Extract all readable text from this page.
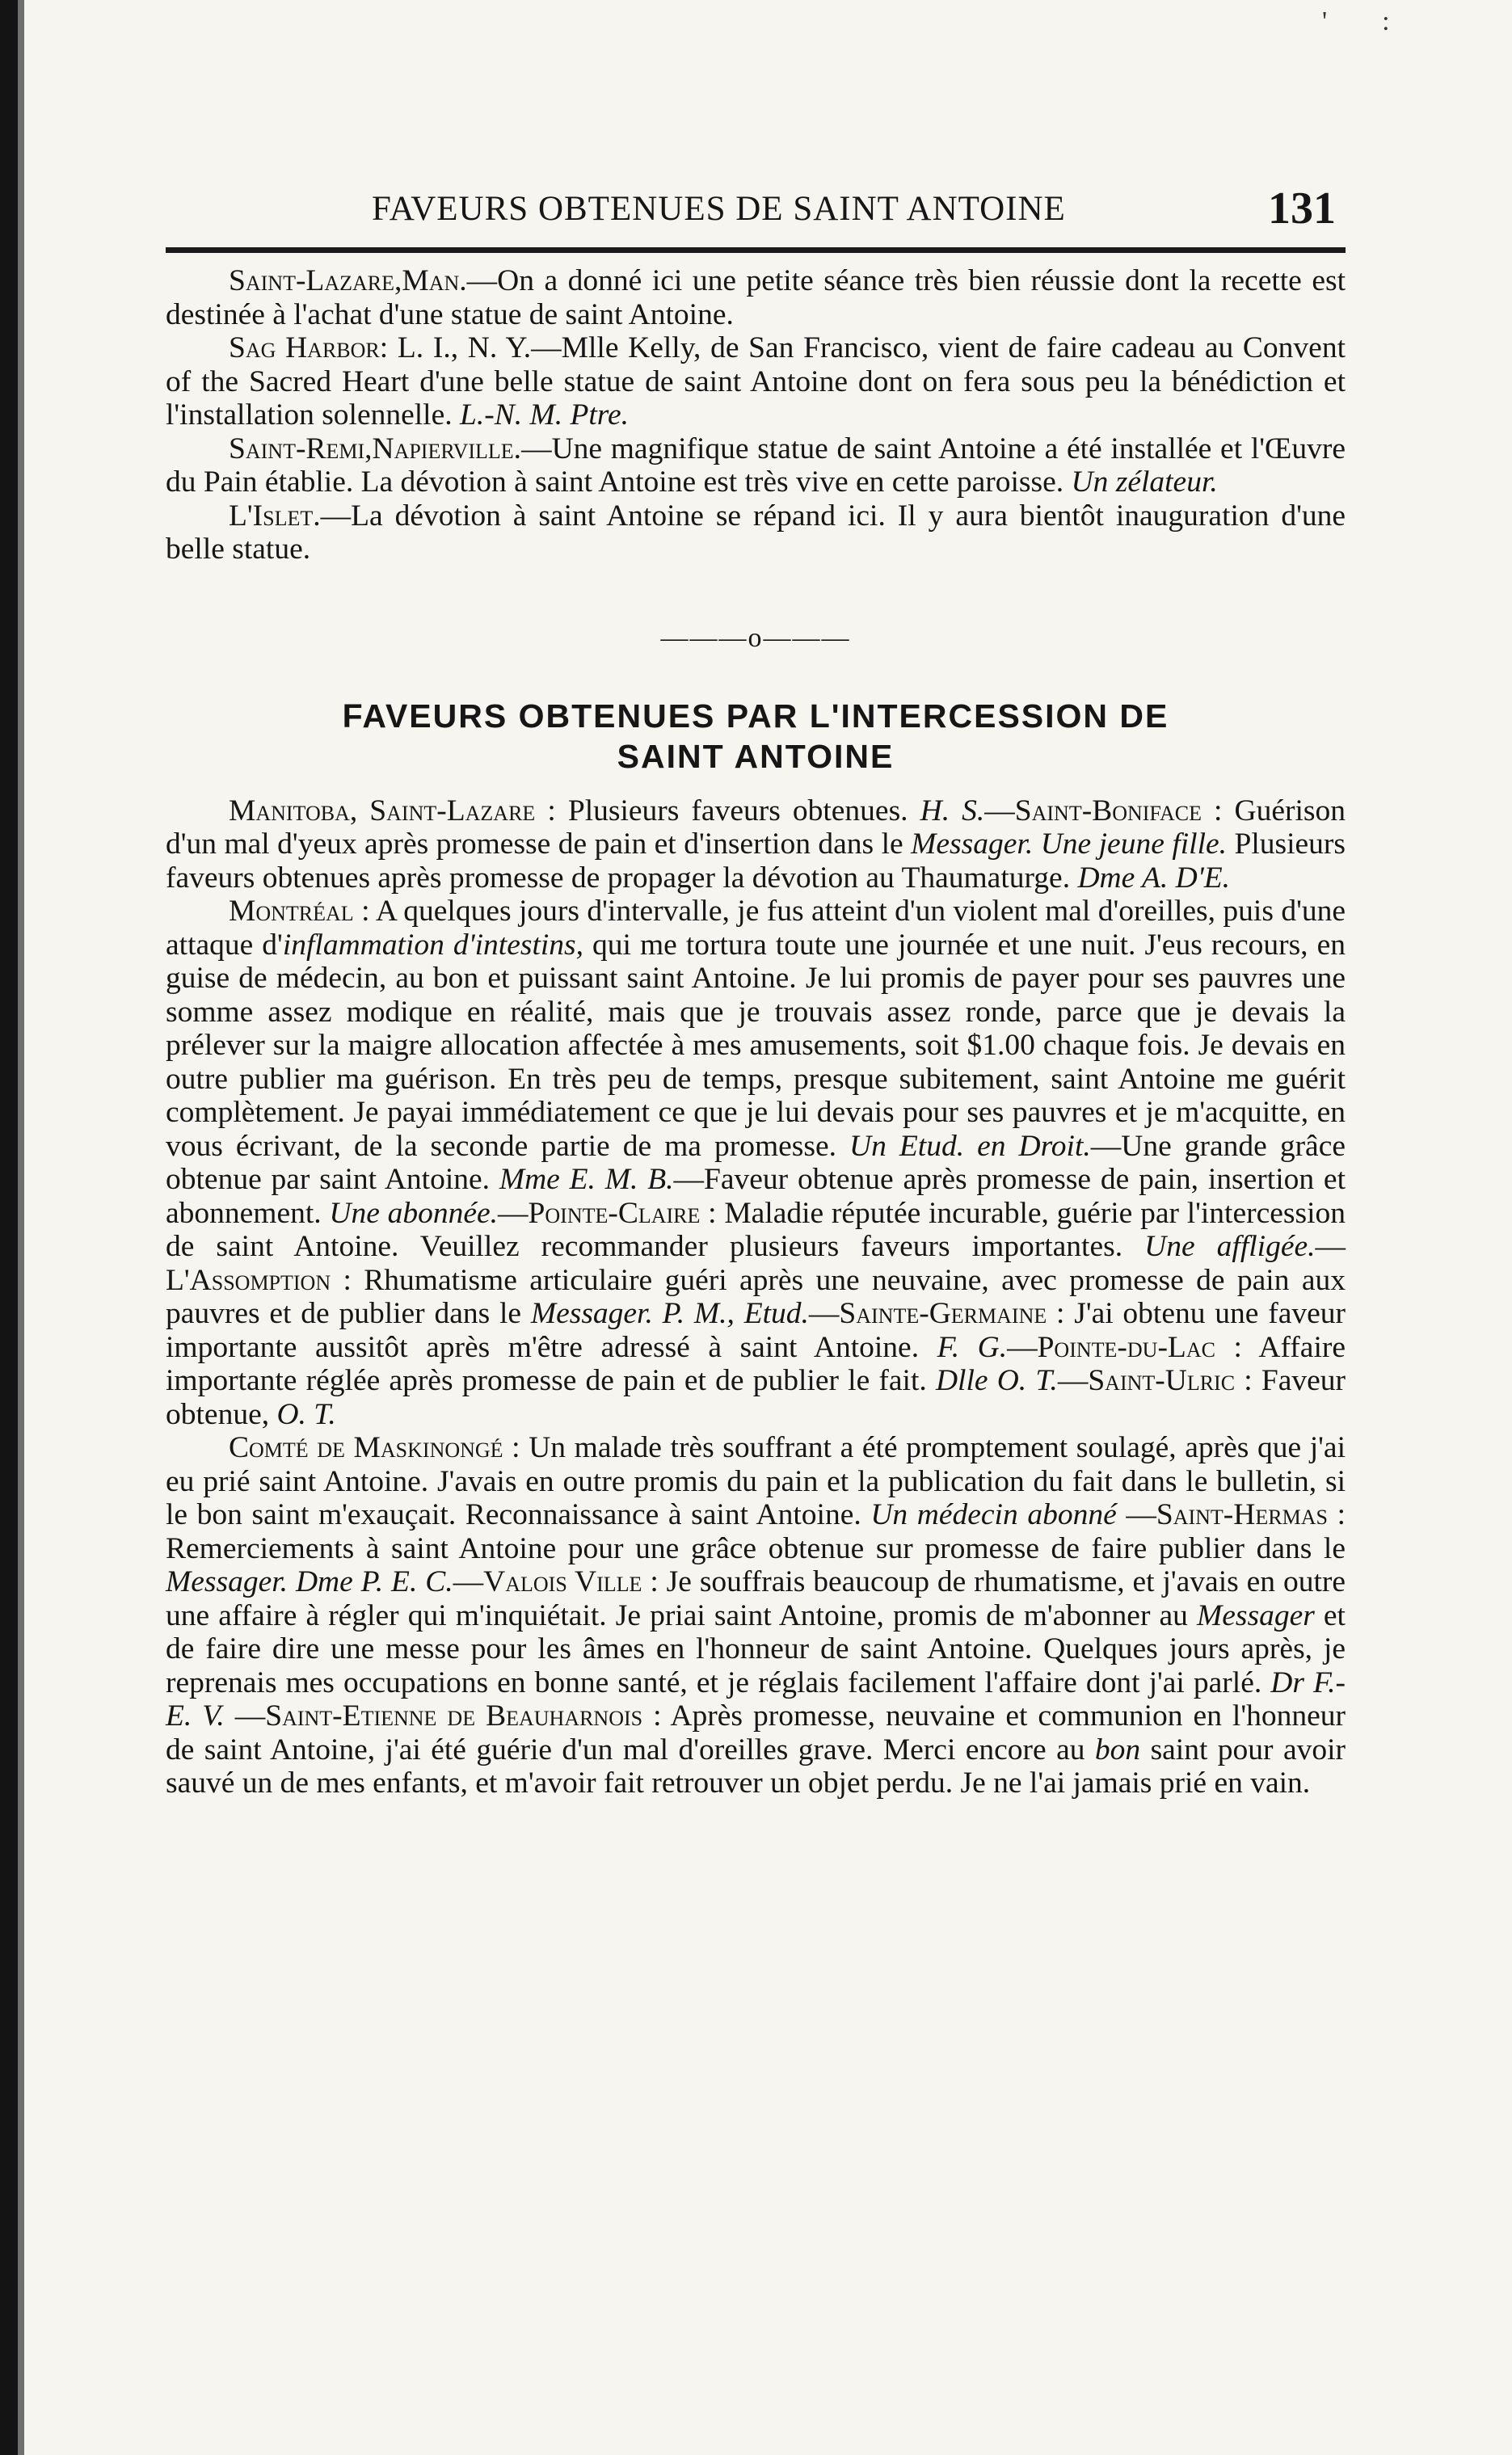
'        :
FAVEURS OBTENUES DE SAINT ANTOINE	131

Saint-Lazare,Man.—On a donné ici une petite séance très bien réussie dont la recette est destinée à l'achat d'une statue de saint Antoine.

Sag Harbor: L. I., N. Y.—Mlle Kelly, de San Francisco, vient de faire cadeau au Convent of the Sacred Heart d'une belle statue de saint Antoine dont on fera sous peu la bénédiction et l'installation solennelle. L.-N. M. Ptre.

Saint-Remi,Napierville.—Une magnifique statue de saint Antoine a été installée et l'Œuvre du Pain établie. La dévotion à saint Antoine est très vive en cette paroisse. Un zélateur.

L'Islet.—La dévotion à saint Antoine se répand ici. Il y aura bientôt inauguration d'une belle statue.

———o———
FAVEURS OBTENUES PAR L'INTERCESSION DE
SAINT ANTOINE

Manitoba, Saint-Lazare : Plusieurs faveurs obtenues. H. S.—Saint-Boniface : Guérison d'un mal d'yeux après promesse de pain et d'insertion dans le Messager. Une jeune fille. Plusieurs faveurs obtenues après promesse de propager la dévotion au Thaumaturge. Dme A. D'E.

Montréal : A quelques jours d'intervalle, je fus atteint d'un violent mal d'oreilles, puis d'une attaque d'inflammation d'intestins, qui me tortura toute une journée et une nuit. J'eus recours, en guise de médecin, au bon et puissant saint Antoine. Je lui promis de payer pour ses pauvres une somme assez modique en réalité, mais que je trouvais assez ronde, parce que je devais la prélever sur la maigre allocation affectée à mes amusements, soit $1.00 chaque fois. Je devais en outre publier ma guérison. En très peu de temps, presque subitement, saint Antoine me guérit complètement. Je payai immédiatement ce que je lui devais pour ses pauvres et je m'acquitte, en vous écrivant, de la seconde partie de ma promesse. Un Etud. en Droit.—Une grande grâce obtenue par saint Antoine. Mme E. M. B.—Faveur obtenue après promesse de pain, insertion et abonnement. Une abonnée.—Pointe-Claire : Maladie réputée incurable, guérie par l'intercession de saint Antoine. Veuillez recommander plusieurs faveurs importantes. Une affligée.—L'Assomption : Rhumatisme articulaire guéri après une neuvaine, avec promesse de pain aux pauvres et de publier dans le Messager. P. M., Etud.—Sainte-Germaine : J'ai obtenu une faveur importante aussitôt après m'être adressé à saint Antoine. F. G.—Pointe-du-Lac : Affaire importante réglée après promesse de pain et de publier le fait. Dlle O. T.—Saint-Ulric : Faveur obtenue, O. T.

Comté de Maskinongé : Un malade très souffrant a été promptement soulagé, après que j'ai eu prié saint Antoine. J'avais en outre promis du pain et la publication du fait dans le bulletin, si le bon saint m'exauçait. Reconnaissance à saint Antoine. Un médecin abonné —Saint-Hermas : Remerciements à saint Antoine pour une grâce obtenue sur promesse de faire publier dans le Messager. Dme P. E. C.—Valois Ville : Je souffrais beaucoup de rhumatisme, et j'avais en outre une affaire à régler qui m'inquiétait. Je priai saint Antoine, promis de m'abonner au Messager et de faire dire une messe pour les âmes en l'honneur de saint Antoine. Quelques jours après, je reprenais mes occupations en bonne santé, et je réglais facilement l'affaire dont j'ai parlé. Dr F.-E. V. —Saint-Etienne de Beauharnois : Après promesse, neuvaine et communion en l'honneur de saint Antoine, j'ai été guérie d'un mal d'oreilles grave. Merci encore au bon saint pour avoir sauvé un de mes enfants, et m'avoir fait retrouver un objet perdu. Je ne l'ai jamais prié en vain.
